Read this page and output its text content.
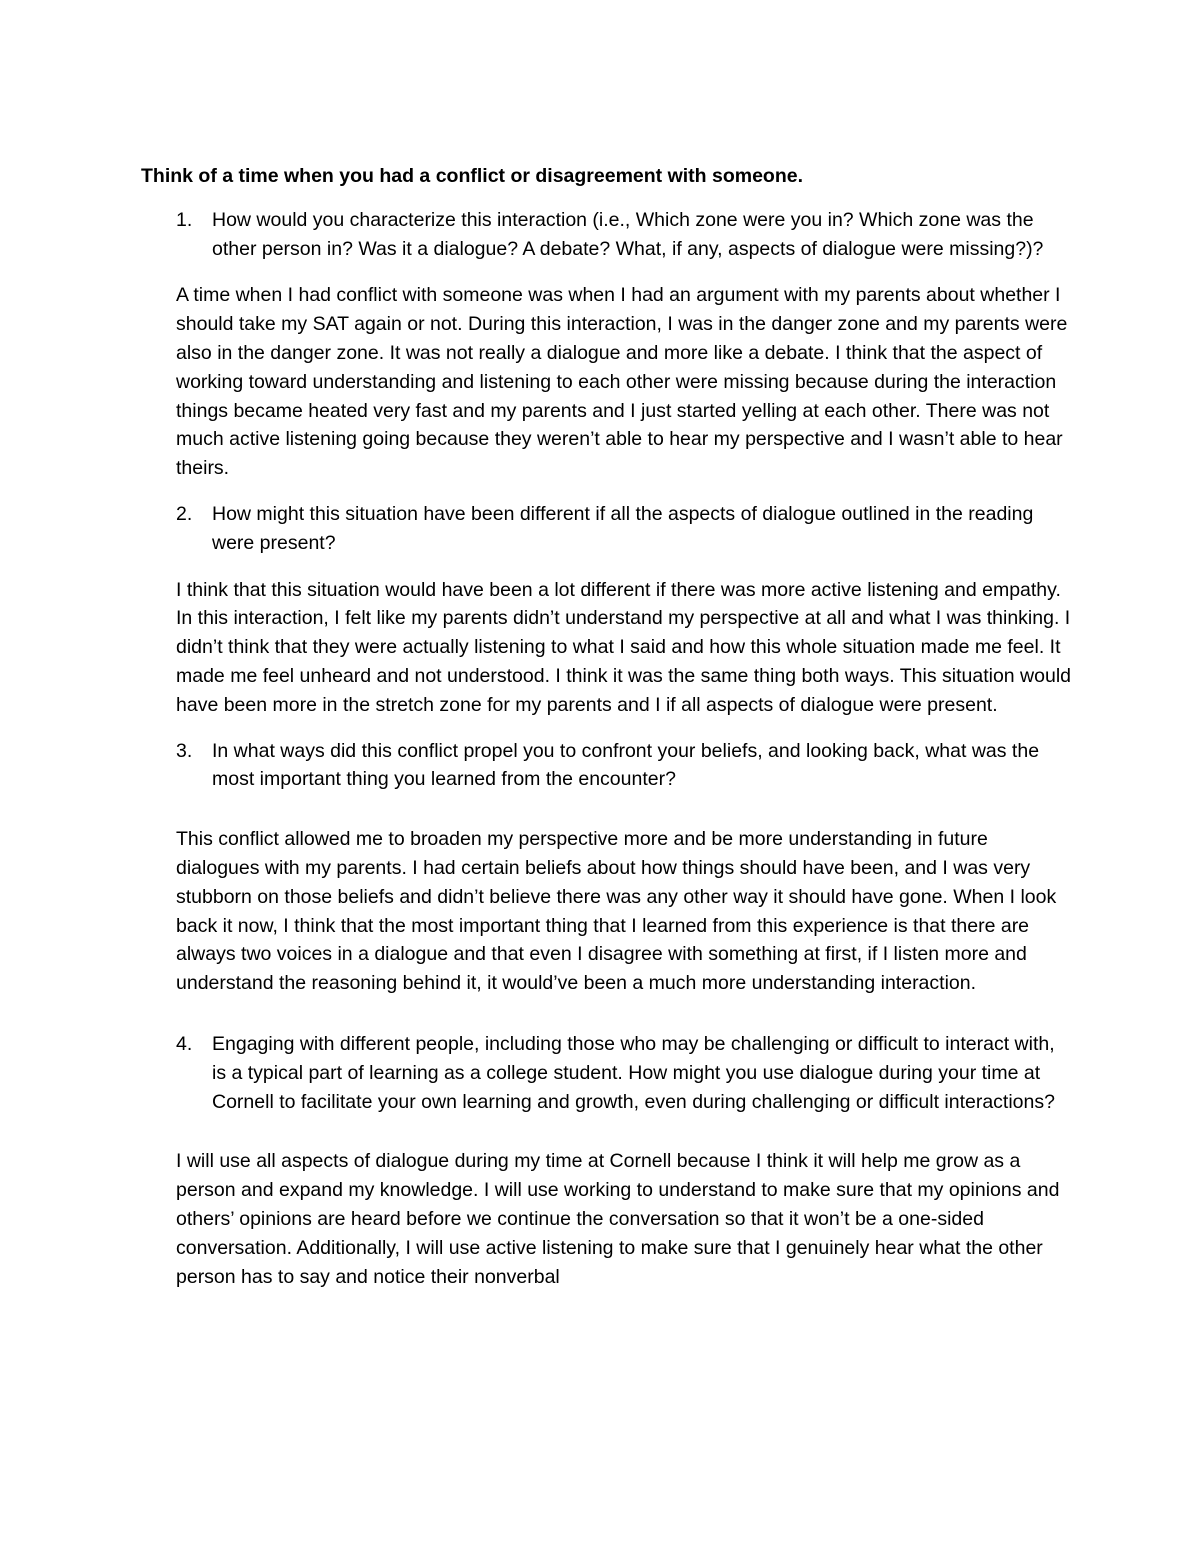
Think of a time when you had a conflict or disagreement with someone.

1. How would you characterize this interaction (i.e., Which zone were you in? Which zone was the other person in? Was it a dialogue? A debate? What, if any, aspects of dialogue were missing?)?

A time when I had conflict with someone was when I had an argument with my parents about whether I should take my SAT again or not. During this interaction, I was in the danger zone and my parents were also in the danger zone. It was not really a dialogue and more like a debate. I think that the aspect of working toward understanding and listening to each other were missing because during the interaction things became heated very fast and my parents and I just started yelling at each other. There was not much active listening going because they weren’t able to hear my perspective and I wasn’t able to hear theirs.

2. How might this situation have been different if all the aspects of dialogue outlined in the reading were present?

I think that this situation would have been a lot different if there was more active listening and empathy. In this interaction, I felt like my parents didn’t understand my perspective at all and what I was thinking. I didn’t think that they were actually listening to what I said and how this whole situation made me feel. It made me feel unheard and not understood. I think it was the same thing both ways. This situation would have been more in the stretch zone for my parents and I if all aspects of dialogue were present.

3. In what ways did this conflict propel you to confront your beliefs, and looking back, what was the most important thing you learned from the encounter?

This conflict allowed me to broaden my perspective more and be more understanding in future dialogues with my parents. I had certain beliefs about how things should have been, and I was very stubborn on those beliefs and didn’t believe there was any other way it should have gone. When I look back it now, I think that the most important thing that I learned from this experience is that there are always two voices in a dialogue and that even I disagree with something at first, if I listen more and understand the reasoning behind it, it would’ve been a much more understanding interaction.

4. Engaging with different people, including those who may be challenging or difficult to interact with, is a typical part of learning as a college student. How might you use dialogue during your time at Cornell to facilitate your own learning and growth, even during challenging or difficult interactions?

I will use all aspects of dialogue during my time at Cornell because I think it will help me grow as a person and expand my knowledge. I will use working to understand to make sure that my opinions and others’ opinions are heard before we continue the conversation so that it won’t be a one-sided conversation. Additionally, I will use active listening to make sure that I genuinely hear what the other person has to say and notice their nonverbal
